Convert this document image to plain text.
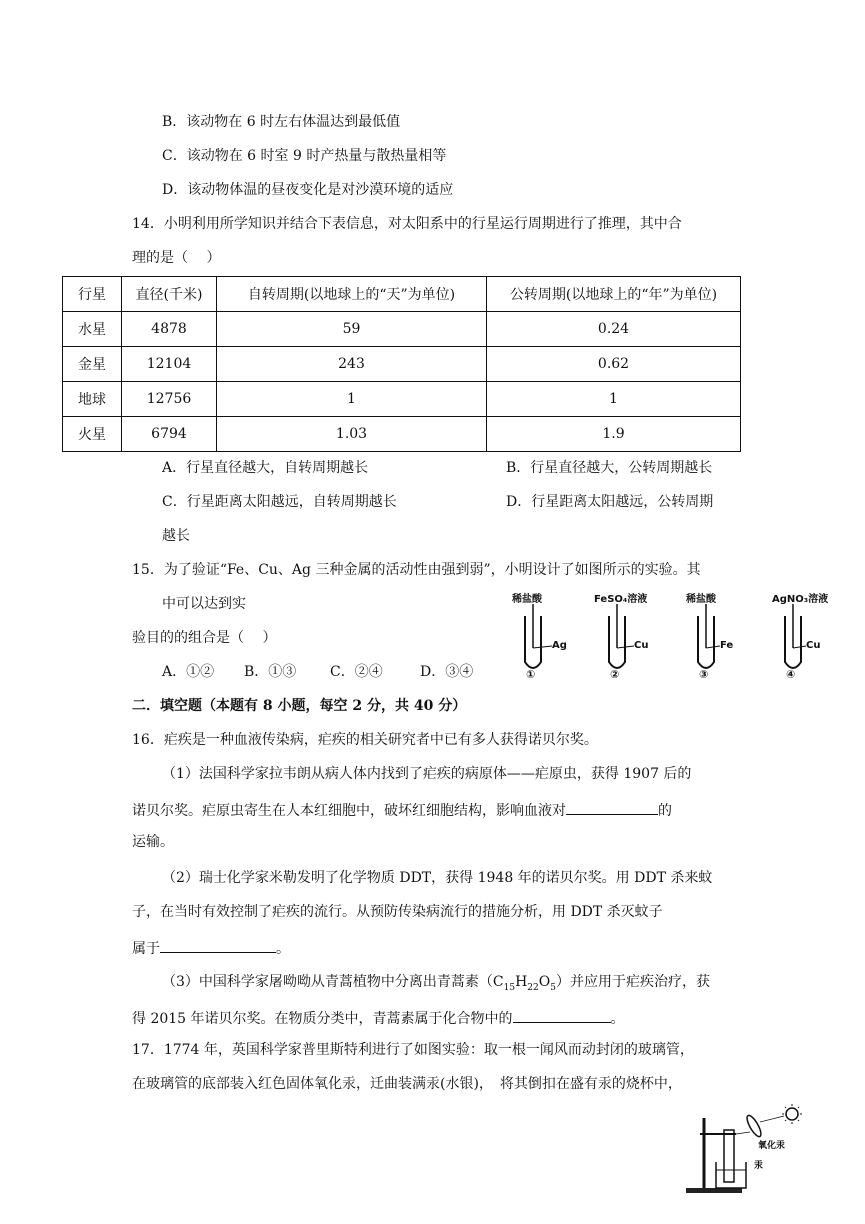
B．该动物在 6 时左右体温达到最低值
C．该动物在 6 时室 9 时产热量与散热量相等
D．该动物体温的昼夜变化是对沙漠环境的适应
14．小明利用所学知识并结合下表信息，对太阳系中的行星运行周期进行了推理，其中合
理的是（　 ）
行星	直径(千米)	自转周期(以地球上的“天”为单位)	公转周期(以地球上的“年”为单位)
水星	4878	59	0.24
金星	12104	243	0.62
地球	12756	1	1
火星	6794	1.03	1.9
A．行星直径越大，自转周期越长	B．行星直径越大，公转周期越长
C．行星距离太阳越远，自转周期越长	D．行星距离太阳越远，公转周期
越长
15．为了验证“Fe、Cu、Ag 三种金属的活动性由强到弱”，小明设计了如图所示的实验。其
中可以达到实
验目的的组合是（　 ）
A．①② B．①③ C．②④	D．③④
稀盐酸	FeSO₄溶液	稀盐酸	AgNO₃溶液
Ag	Cu	Fe	Cu
①	②	③	④
二．填空题（本题有 8 小题，每空 2 分，共 40 分）
16．疟疾是一种血液传染病，疟疾的相关研究者中已有多人获得诺贝尔奖。
（1）法国科学家拉韦朗从病人体内找到了疟疾的病原体——疟原虫，获得 1907 后的
诺贝尔奖。疟原虫寄生在人本红细胞中，破坏红细胞结构，影响血液对	的
运输。
（2）瑞士化学家米勒发明了化学物质 DDT，获得 1948 年的诺贝尔奖。用 DDT 杀来蚊
子，在当时有效控制了疟疾的流行。从预防传染病流行的措施分析，用 DDT 杀灭蚊子
属于	。
（3）中国科学家屠呦呦从青蒿植物中分离出青蒿素$(C_{15}H_{22}O_5)$并应用于疟疾治疗，获
得 2015 年诺贝尔奖。在物质分类中，青蒿素属于化合物中的	。
17．1774 年，英国科学家普里斯特利进行了如图实验：取一根一闻风而动封闭的玻璃管，
在玻璃管的底部装入红色固体氧化汞，迁曲装满汞(水银)，　将其倒扣在盛有汞的烧杯中，
氧化汞
汞
